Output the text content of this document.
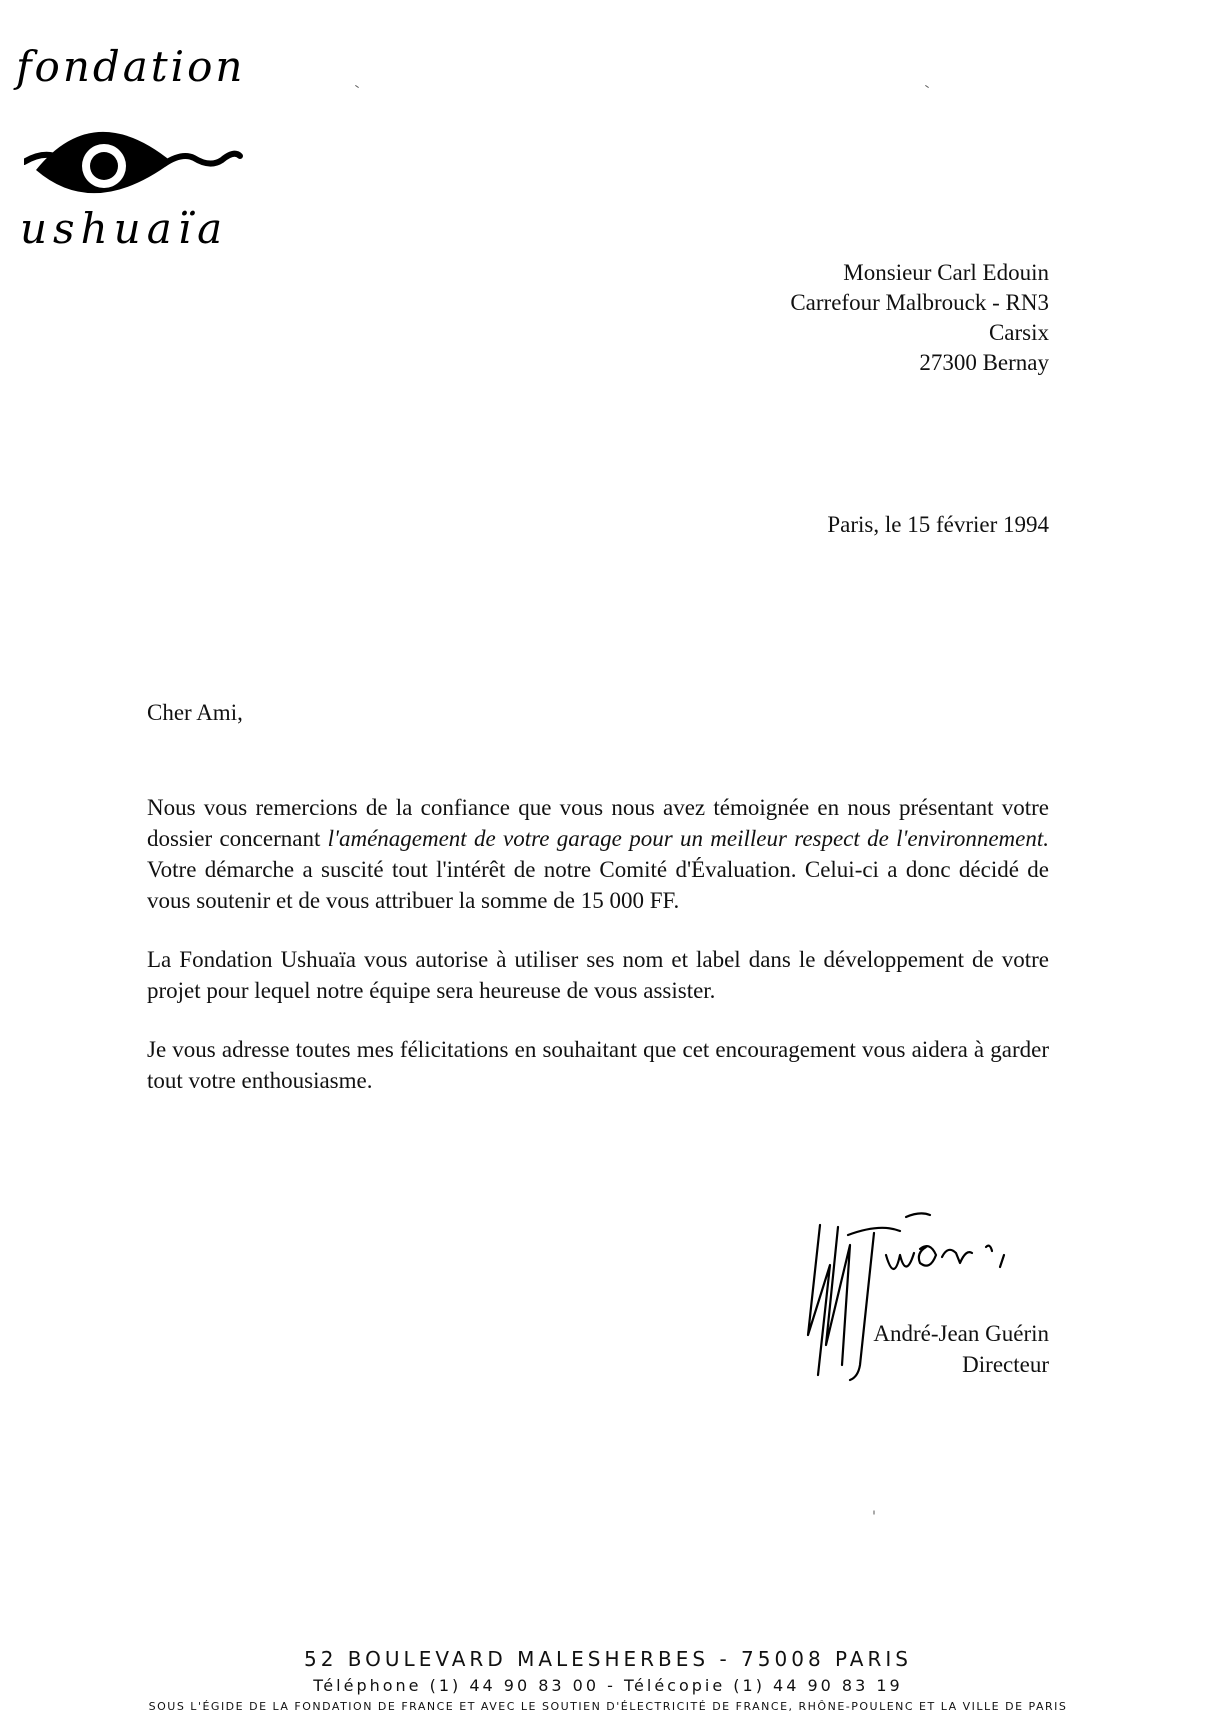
fondation
ushuaïa
Monsieur Carl Edouin
Carrefour Malbrouck - RN3
Carsix
27300 Bernay
Paris, le 15 février 1994
Cher Ami,

Nous vous remercions de la confiance que vous nous avez témoignée en nous présentant votre dossier concernant l'aménagement de votre garage pour un meilleur respect de l'environnement. Votre démarche a suscité tout l'intérêt de notre Comité d'Évaluation. Celui-ci a donc décidé de vous soutenir et de vous attribuer la somme de 15 000 FF.

La Fondation Ushuaïa vous autorise à utiliser ses nom et label dans le développement de votre projet pour lequel notre équipe sera heureuse de vous assister.

Je vous adresse toutes mes félicitations en souhaitant que cet encouragement vous aidera à garder tout votre enthousiasme.

André-Jean Guérin
Directeur
52 BOULEVARD MALESHERBES - 75008 PARIS
Téléphone (1) 44 90 83 00 - Télécopie (1) 44 90 83 19
SOUS L'ÉGIDE DE LA FONDATION DE FRANCE ET AVEC LE SOUTIEN D'ÉLECTRICITÉ DE FRANCE, RHÔNE-POULENC ET LA VILLE DE PARIS
